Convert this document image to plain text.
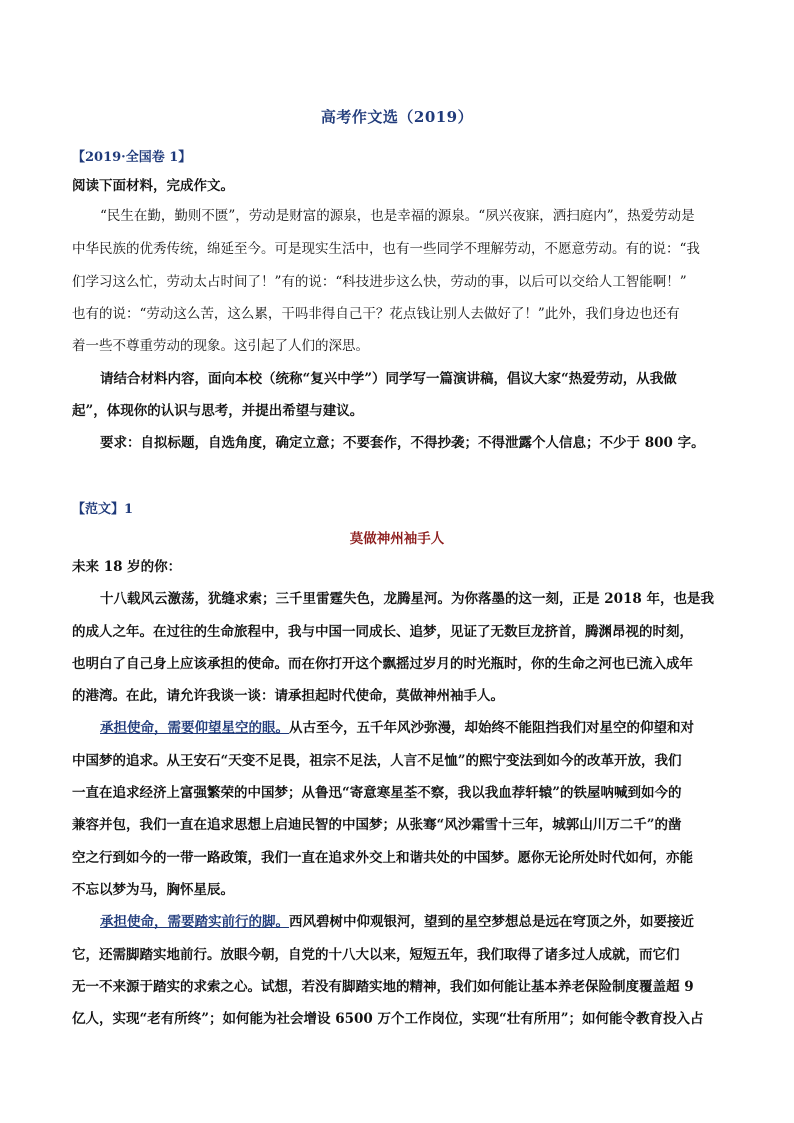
高考作文选（2019）
【2019·全国卷 1】
阅读下面材料，完成作文。
“民生在勤，勤则不匮”，劳动是财富的源泉，也是幸福的源泉。“夙兴夜寐，洒扫庭内”，热爱劳动是
中华民族的优秀传统，绵延至今。可是现实生活中，也有一些同学不理解劳动，不愿意劳动。有的说：“我
们学习这么忙，劳动太占时间了！”有的说：“科技进步这么快，劳动的事，以后可以交给人工智能啊！”
也有的说：“劳动这么苦，这么累，干吗非得自己干？花点钱让别人去做好了！”此外，我们身边也还有
着一些不尊重劳动的现象。这引起了人们的深思。
请结合材料内容，面向本校（统称“复兴中学”）同学写一篇演讲稿，倡议大家“热爱劳动，从我做
起”，体现你的认识与思考，并提出希望与建议。
要求：自拟标题，自选角度，确定立意；不要套作，不得抄袭；不得泄露个人信息；不少于 800 字。
【范文】1
莫做神州袖手人
未来 18 岁的你：
十八载风云激荡，犹缝求索；三千里雷霆失色，龙腾星河。为你落墨的这一刻，正是 2018 年，也是我
的成人之年。在过往的生命旅程中，我与中国一同成长、追梦，见证了无数巨龙挤首，腾渊昂视的时刻，
也明白了自己身上应该承担的使命。而在你打开这个飘摇过岁月的时光瓶时，你的生命之河也已流入成年
的港湾。在此，请允许我谈一谈：请承担起时代使命，莫做神州袖手人。
承担使命，需要仰望星空的眼。从古至今，五千年风沙弥漫，却始终不能阻挡我们对星空的仰望和对
中国梦的追求。从王安石“天变不足畏，祖宗不足法，人言不足恤”的熙宁变法到如今的改革开放，我们
一直在追求经济上富强繁荣的中国梦；从鲁迅“寄意寒星荃不察，我以我血荐轩辕”的铁屋呐喊到如今的
兼容并包，我们一直在追求思想上启迪民智的中国梦；从张骞“风沙霜雪十三年，城郭山川万二千”的凿
空之行到如今的一带一路政策，我们一直在追求外交上和谐共处的中国梦。愿你无论所处时代如何，亦能
不忘以梦为马，胸怀星辰。
承担使命，需要踏实前行的脚。西风碧树中仰观银河，望到的星空梦想总是远在穹顶之外，如要接近
它，还需脚踏实地前行。放眼今朝，自党的十八大以来，短短五年，我们取得了诸多过人成就，而它们
无一不来源于踏实的求索之心。试想，若没有脚踏实地的精神，我们如何能让基本养老保险制度覆盖超 9
亿人，实现“老有所终”；如何能为社会增设 6500 万个工作岗位，实现“壮有所用”；如何能令教育投入占
